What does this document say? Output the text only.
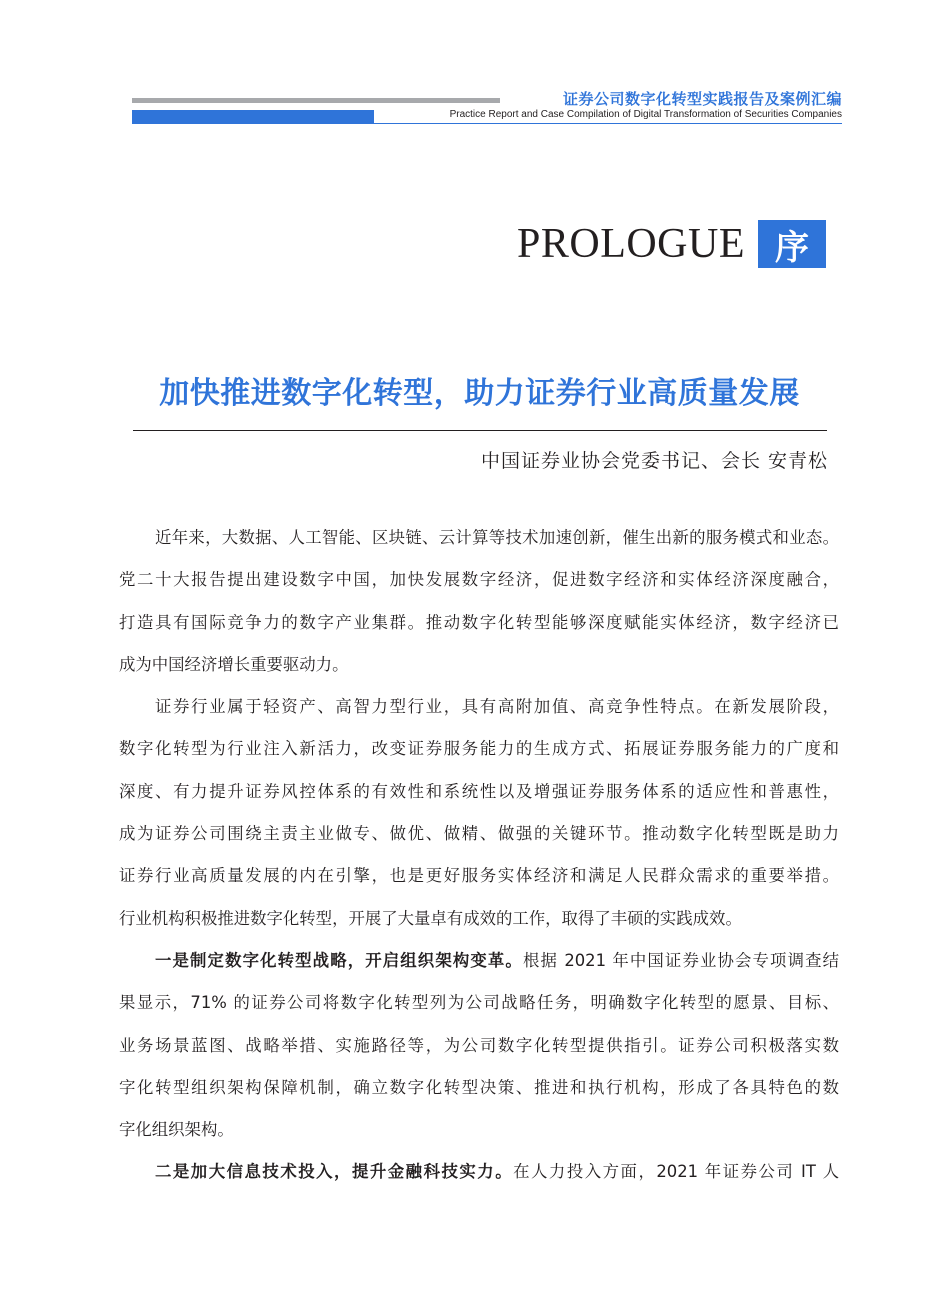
证券公司数字化转型实践报告及案例汇编
Practice Report and Case Compilation of Digital Transformation of Securities Companies
PROLOGUE 序
加快推进数字化转型，助力证券行业高质量发展
中国证券业协会党委书记、会长 安青松
近年来，大数据、人工智能、区块链、云计算等技术加速创新，催生出新的服务模式和业态。
党二十大报告提出建设数字中国，加快发展数字经济，促进数字经济和实体经济深度融合，
打造具有国际竞争力的数字产业集群。推动数字化转型能够深度赋能实体经济，数字经济已
成为中国经济增长重要驱动力。
证券行业属于轻资产、高智力型行业，具有高附加值、高竞争性特点。在新发展阶段，
数字化转型为行业注入新活力，改变证券服务能力的生成方式、拓展证券服务能力的广度和
深度、有力提升证券风控体系的有效性和系统性以及增强证券服务体系的适应性和普惠性，
成为证券公司围绕主责主业做专、做优、做精、做强的关键环节。推动数字化转型既是助力
证券行业高质量发展的内在引擎，也是更好服务实体经济和满足人民群众需求的重要举措。
行业机构积极推进数字化转型，开展了大量卓有成效的工作，取得了丰硕的实践成效。
一是制定数字化转型战略，开启组织架构变革。根据 2021 年中国证券业协会专项调查结
果显示，71% 的证券公司将数字化转型列为公司战略任务，明确数字化转型的愿景、目标、
业务场景蓝图、战略举措、实施路径等，为公司数字化转型提供指引。证券公司积极落实数
字化转型组织架构保障机制，确立数字化转型决策、推进和执行机构，形成了各具特色的数
字化组织架构。
二是加大信息技术投入，提升金融科技实力。在人力投入方面，2021 年证券公司 IT 人
